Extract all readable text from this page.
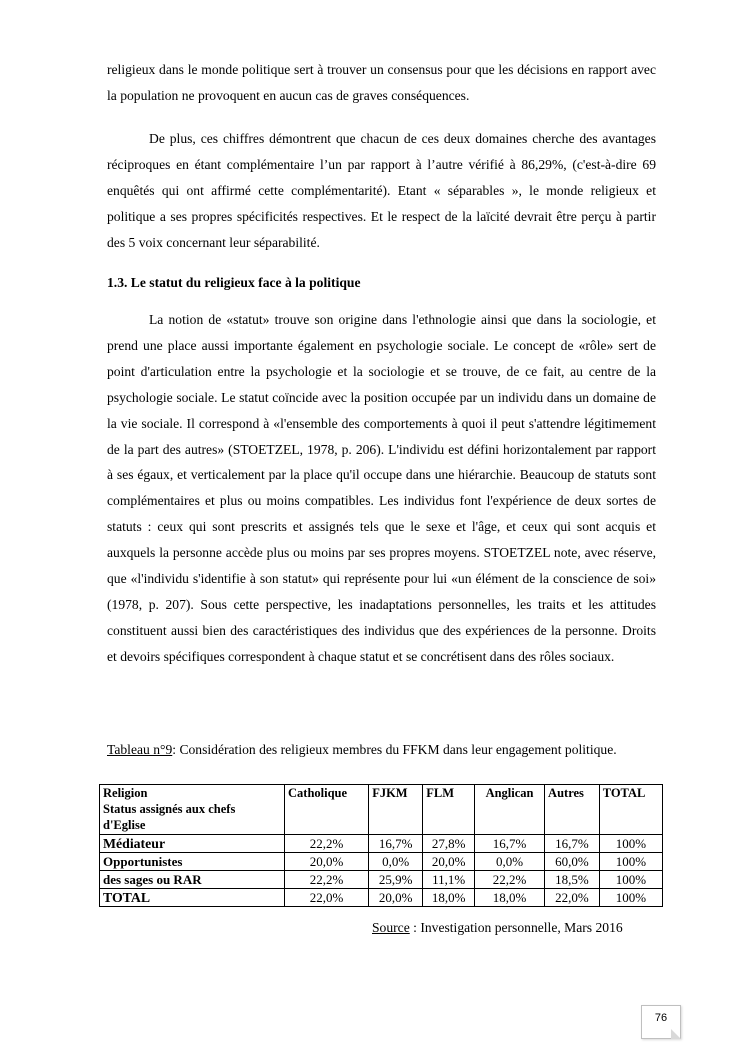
religieux dans le monde politique sert à trouver un consensus pour que les décisions en rapport avec la population ne provoquent en aucun cas de graves conséquences.

De plus, ces chiffres démontrent que chacun de ces deux domaines cherche des avantages réciproques en étant complémentaire l’un par rapport à l’autre vérifié à 86,29%, (c'est-à-dire 69 enquêtés qui ont affirmé cette complémentarité). Etant « séparables », le monde religieux et politique a ses propres spécificités respectives. Et le respect de la laïcité devrait être perçu à partir des 5 voix concernant leur séparabilité.

1.3. Le statut du religieux face à la politique

La notion de «statut» trouve son origine dans l'ethnologie ainsi que dans la sociologie, et prend une place aussi importante également en psychologie sociale. Le concept de «rôle» sert de point d'articulation entre la psychologie et la sociologie et se trouve, de ce fait, au centre de la psychologie sociale. Le statut coïncide avec la position occupée par un individu dans un domaine de la vie sociale. Il correspond à «l'ensemble des comportements à quoi il peut s'attendre légitimement de la part des autres» (STOETZEL, 1978, p. 206). L'individu est défini horizontalement par rapport à ses égaux, et verticalement par la place qu'il occupe dans une hiérarchie. Beaucoup de statuts sont complémentaires et plus ou moins compatibles. Les individus font l'expérience de deux sortes de statuts : ceux qui sont prescrits et assignés tels que le sexe et l'âge, et ceux qui sont acquis et auxquels la personne accède plus ou moins par ses propres moyens. STOETZEL note, avec réserve, que «l'individu s'identifie à son statut» qui représente pour lui «un élément de la conscience de soi» (1978, p. 207). Sous cette perspective, les inadaptations personnelles, les traits et les attitudes constituent aussi bien des caractéristiques des individus que des expériences de la personne. Droits et devoirs spécifiques correspondent à chaque statut et se concrétisent dans des rôles sociaux.

Tableau n°9: Considération des religieux membres du FFKM dans leur engagement politique.

Religion
Status assignés aux chefs
d'Eglise	Catholique	FJKM	FLM	Anglican	Autres	TOTAL
Médiateur	22,2%	16,7%	27,8%	16,7%	16,7%	100%
Opportunistes	20,0%	0,0%	20,0%	0,0%	60,0%	100%
des sages ou RAR	22,2%	25,9%	11,1%	22,2%	18,5%	100%
TOTAL	22,0%	20,0%	18,0%	18,0%	22,0%	100%

Source : Investigation personnelle, Mars 2016

76
